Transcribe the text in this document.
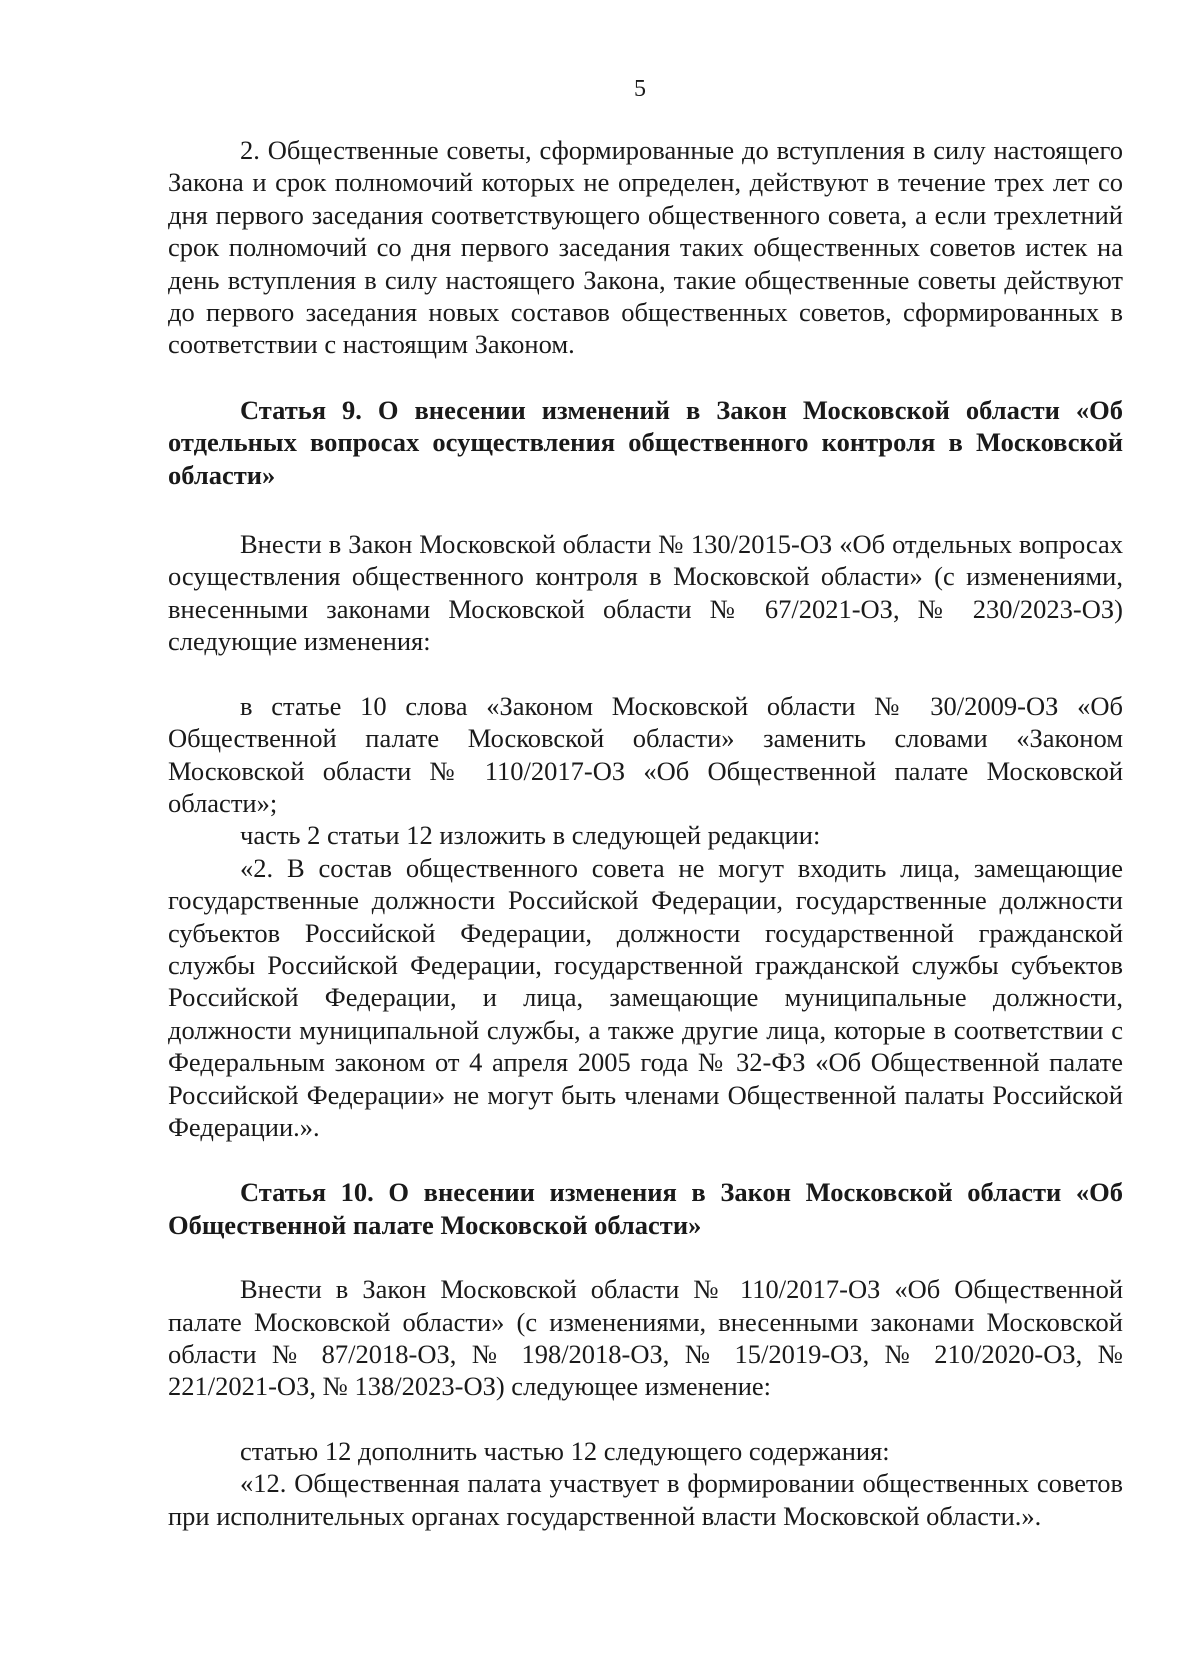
5

2. Общественные советы, сформированные до вступления в силу настоящего Закона и срок полномочий которых не определен, действуют в течение трех лет со дня первого заседания соответствующего общественного совета, а если трехлетний срок полномочий со дня первого заседания таких общественных советов истек на день вступления в силу настоящего Закона, такие общественные советы действуют до первого заседания новых составов общественных советов, сформированных в соответствии с настоящим Законом.

Статья 9. О внесении изменений в Закон Московской области «Об отдельных вопросах осуществления общественного контроля в Московской области»

Внести в Закон Московской области № 130/2015-ОЗ «Об отдельных вопросах осуществления общественного контроля в Московской области» (с изменениями, внесенными законами Московской области № 67/2021-ОЗ, № 230/2023-ОЗ) следующие изменения:

в статье 10 слова «Законом Московской области № 30/2009-ОЗ «Об Общественной палате Московской области» заменить словами «Законом Московской области № 110/2017-ОЗ «Об Общественной палате Московской области»;

часть 2 статьи 12 изложить в следующей редакции:

«2. В состав общественного совета не могут входить лица, замещающие государственные должности Российской Федерации, государственные должности субъектов Российской Федерации, должности государственной гражданской службы Российской Федерации, государственной гражданской службы субъектов Российской Федерации, и лица, замещающие муниципальные должности, должности муниципальной службы, а также другие лица, которые в соответствии с Федеральным законом от 4 апреля 2005 года № 32-ФЗ «Об Общественной палате Российской Федерации» не могут быть членами Общественной палаты Российской Федерации.».

Статья 10. О внесении изменения в Закон Московской области «Об Общественной палате Московской области»

Внести в Закон Московской области № 110/2017-ОЗ «Об Общественной палате Московской области» (с изменениями, внесенными законами Московской области № 87/2018-ОЗ, № 198/2018-ОЗ, № 15/2019-ОЗ, № 210/2020-ОЗ, № 221/2021-ОЗ, № 138/2023-ОЗ) следующее изменение:

статью 12 дополнить частью 12 следующего содержания:

«12. Общественная палата участвует в формировании общественных советов при исполнительных органах государственной власти Московской области.».
